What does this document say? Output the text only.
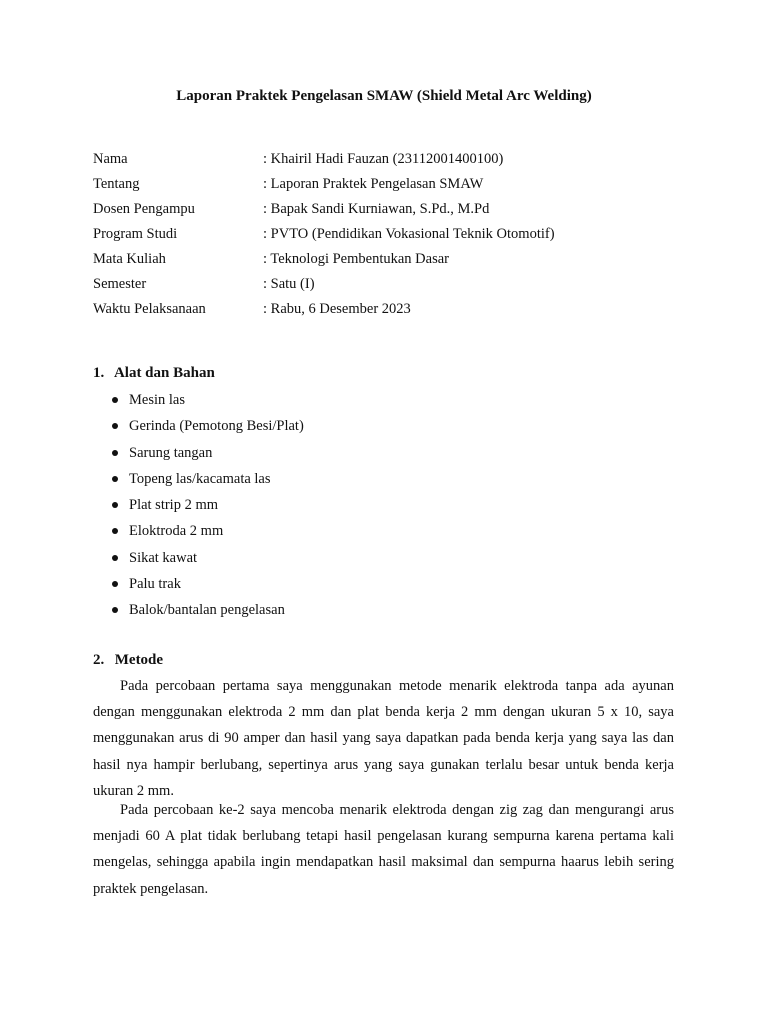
Laporan Praktek Pengelasan SMAW (Shield Metal Arc Welding)
Nama	: Khairil Hadi Fauzan (23112001400100)
Tentang	: Laporan Praktek Pengelasan SMAW
Dosen Pengampu	: Bapak Sandi Kurniawan, S.Pd., M.Pd
Program Studi	: PVTO (Pendidikan Vokasional Teknik Otomotif)
Mata Kuliah	: Teknologi Pembentukan Dasar
Semester	: Satu (I)
Waktu Pelaksanaan	: Rabu, 6 Desember 2023
1. Alat dan Bahan
Mesin las
Gerinda (Pemotong Besi/Plat)
Sarung tangan
Topeng las/kacamata las
Plat strip 2 mm
Eloktroda 2 mm
Sikat kawat
Palu trak
Balok/bantalan pengelasan
2. Metode

Pada percobaan pertama saya menggunakan metode menarik elektroda tanpa ada ayunan dengan menggunakan elektroda 2 mm dan plat benda kerja 2 mm dengan ukuran 5 x 10, saya menggunakan arus di 90 amper dan hasil yang saya dapatkan pada benda kerja yang saya las dan hasil nya hampir berlubang, sepertinya arus yang saya gunakan terlalu besar untuk benda kerja ukuran 2 mm.

Pada percobaan ke-2 saya mencoba menarik elektroda dengan zig zag dan mengurangi arus menjadi 60 A plat tidak berlubang tetapi hasil pengelasan kurang sempurna karena pertama kali mengelas, sehingga apabila ingin mendapatkan hasil maksimal dan sempurna haarus lebih sering praktek pengelasan.
